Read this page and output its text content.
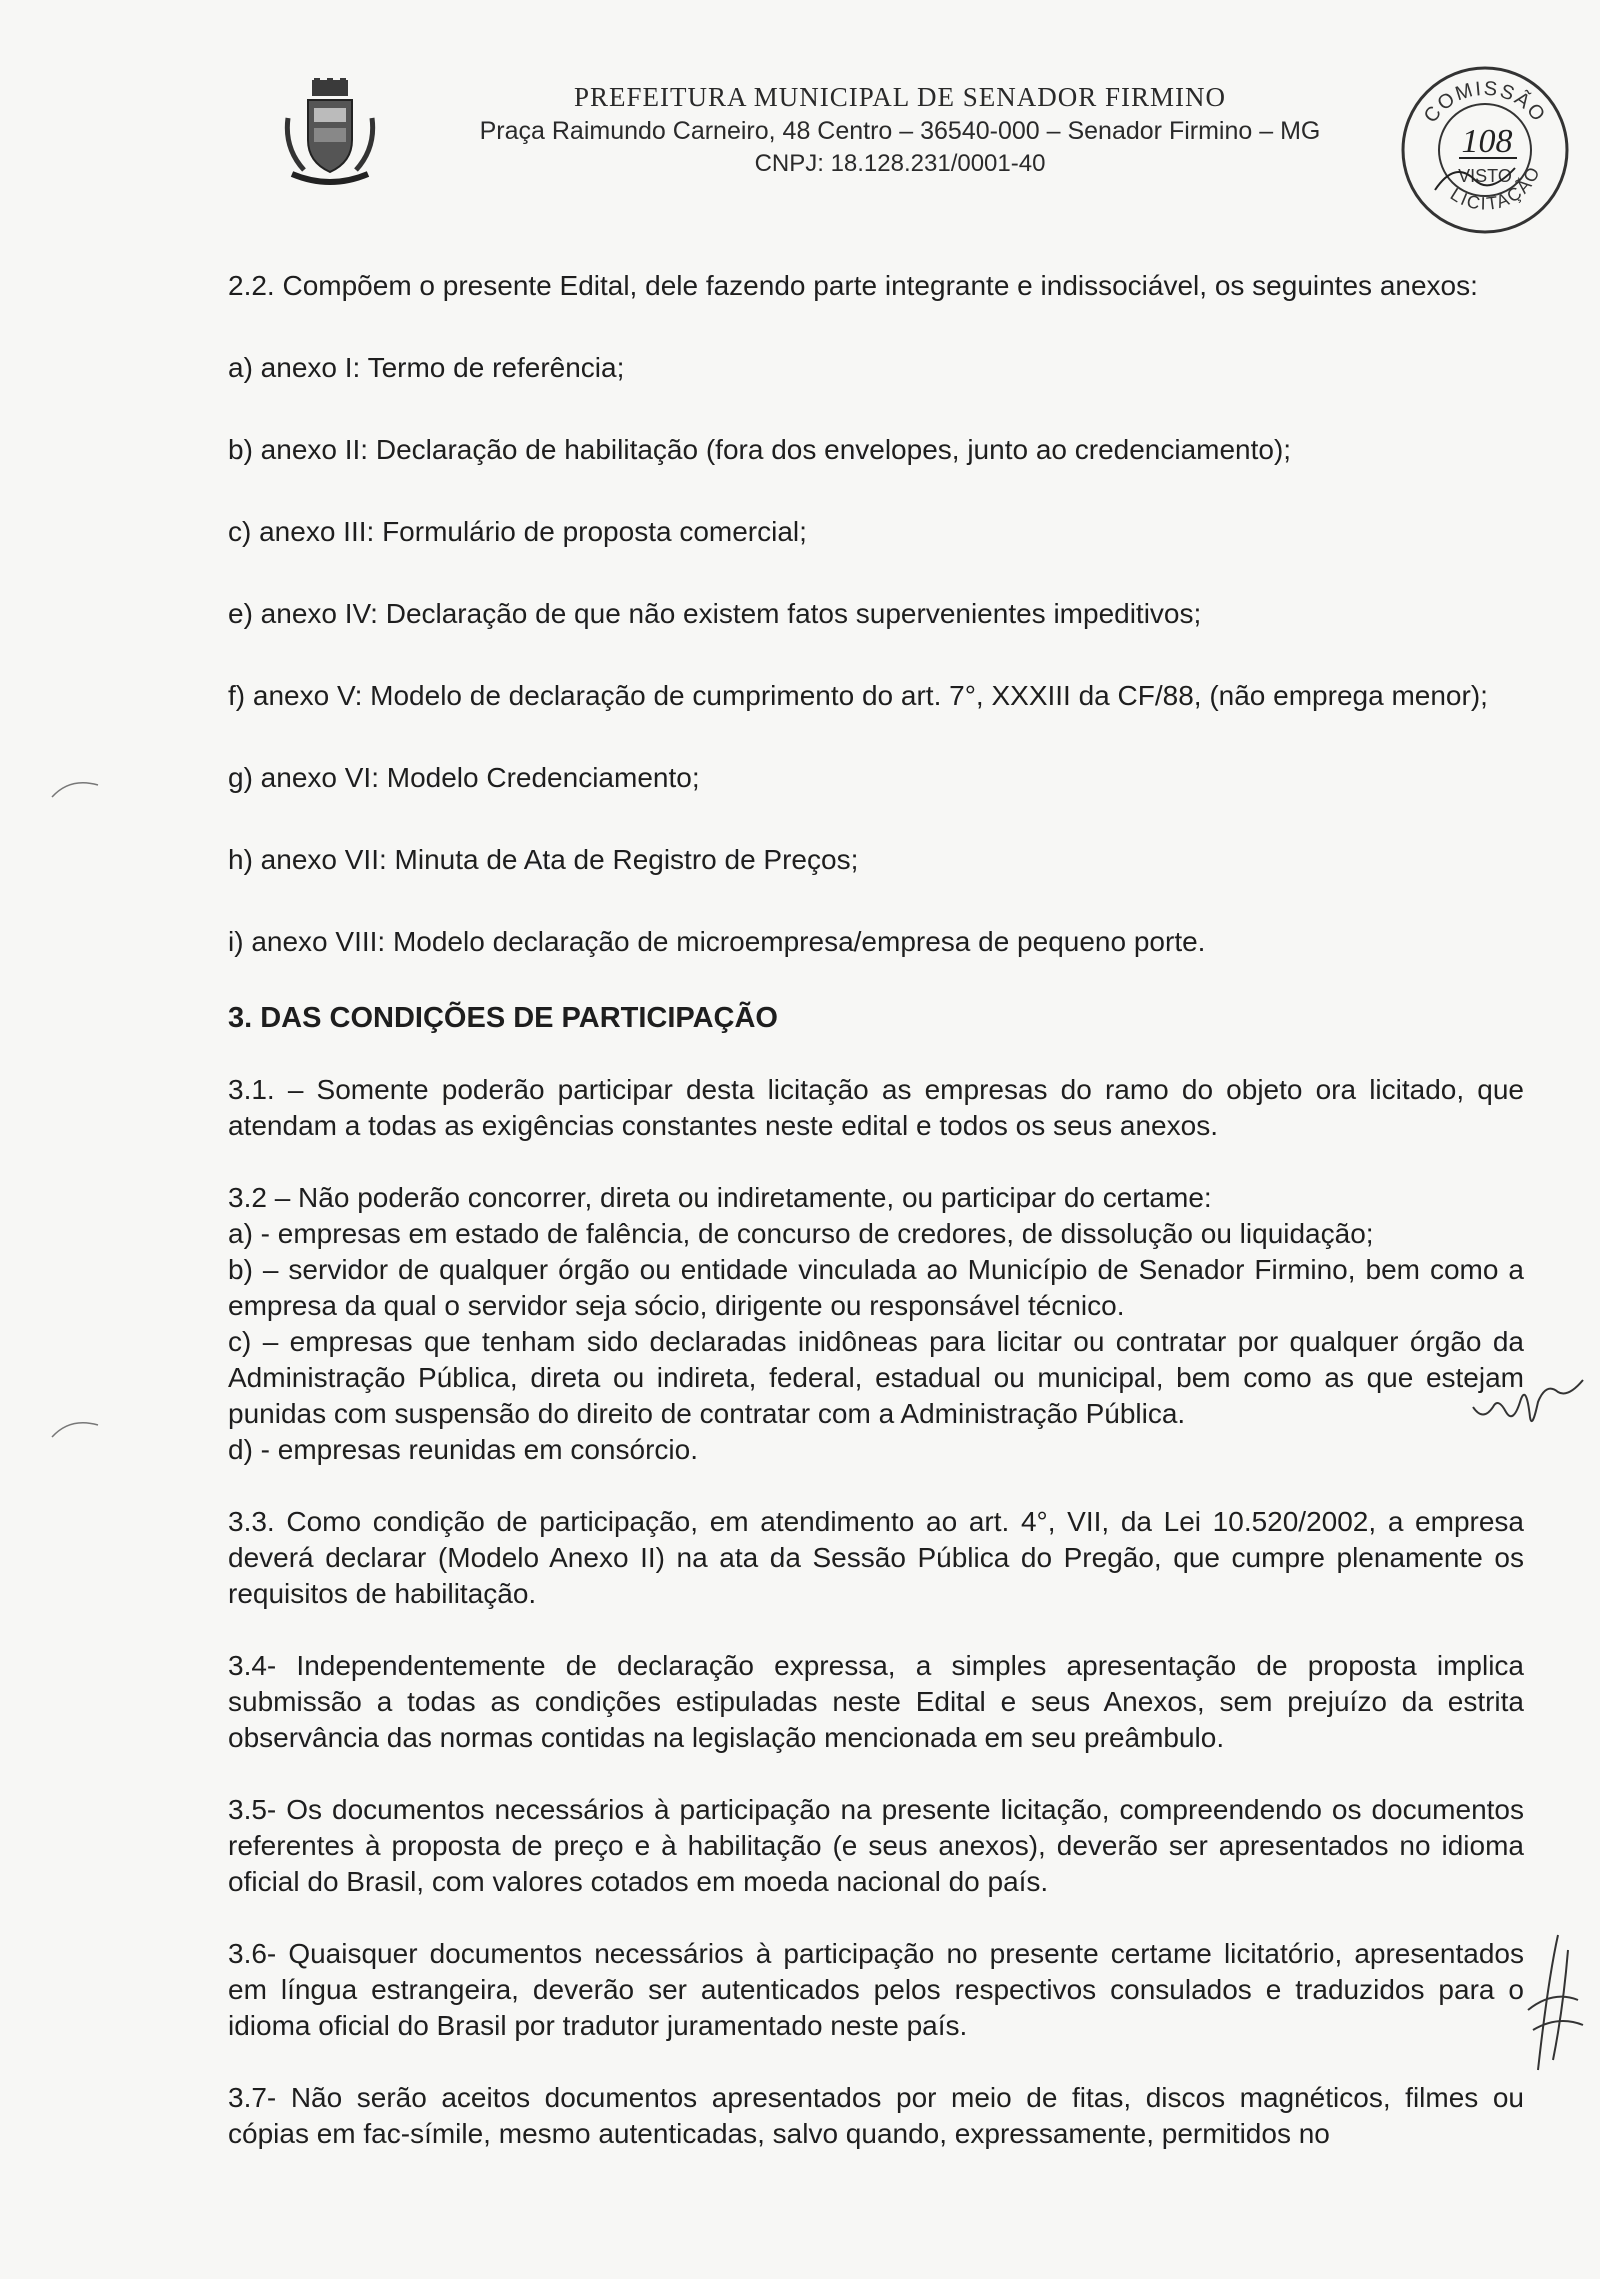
PREFEITURA MUNICIPAL DE SENADOR FIRMINO
Praça Raimundo Carneiro, 48 Centro – 36540-000 – Senador Firmino – MG
CNPJ: 18.128.231/0001-40
COMISSÃO
108
VISTO
LICITAÇÃO

2.2. Compõem o presente Edital, dele fazendo parte integrante e indissociável, os seguintes anexos:

a) anexo I: Termo de referência;

b) anexo II: Declaração de habilitação (fora dos envelopes, junto ao credenciamento);

c) anexo III: Formulário de proposta comercial;

e) anexo IV: Declaração de que não existem fatos supervenientes impeditivos;

f) anexo V: Modelo de declaração de cumprimento do art. 7°, XXXIII da CF/88, (não emprega menor);

g) anexo VI: Modelo Credenciamento;

h) anexo VII: Minuta de Ata de Registro de Preços;

i) anexo VIII: Modelo declaração de microempresa/empresa de pequeno porte.

3. DAS CONDIÇÕES DE PARTICIPAÇÃO

3.1. – Somente poderão participar desta licitação as empresas do ramo do objeto ora licitado, que atendam a todas as exigências constantes neste edital e todos os seus anexos.

3.2 – Não poderão concorrer, direta ou indiretamente, ou participar do certame:

a) - empresas em estado de falência, de concurso de credores, de dissolução ou liquidação;

b) – servidor de qualquer órgão ou entidade vinculada ao Município de Senador Firmino, bem como a empresa da qual o servidor seja sócio, dirigente ou responsável técnico.

c) – empresas que tenham sido declaradas inidôneas para licitar ou contratar por qualquer órgão da Administração Pública, direta ou indireta, federal, estadual ou municipal, bem como as que estejam punidas com suspensão do direito de contratar com a Administração Pública.

d) - empresas reunidas em consórcio.

3.3. Como condição de participação, em atendimento ao art. 4°, VII, da Lei 10.520/2002, a empresa deverá declarar (Modelo Anexo II) na ata da Sessão Pública do Pregão, que cumpre plenamente os requisitos de habilitação.

3.4- Independentemente de declaração expressa, a simples apresentação de proposta implica submissão a todas as condições estipuladas neste Edital e seus Anexos, sem prejuízo da estrita observância das normas contidas na legislação mencionada em seu preâmbulo.

3.5- Os documentos necessários à participação na presente licitação, compreendendo os documentos referentes à proposta de preço e à habilitação (e seus anexos), deverão ser apresentados no idioma oficial do Brasil, com valores cotados em moeda nacional do país.

3.6- Quaisquer documentos necessários à participação no presente certame licitatório, apresentados em língua estrangeira, deverão ser autenticados pelos respectivos consulados e traduzidos para o idioma oficial do Brasil por tradutor juramentado neste país.

3.7- Não serão aceitos documentos apresentados por meio de fitas, discos magnéticos, filmes ou cópias em fac-símile, mesmo autenticadas, salvo quando, expressamente, permitidos no
